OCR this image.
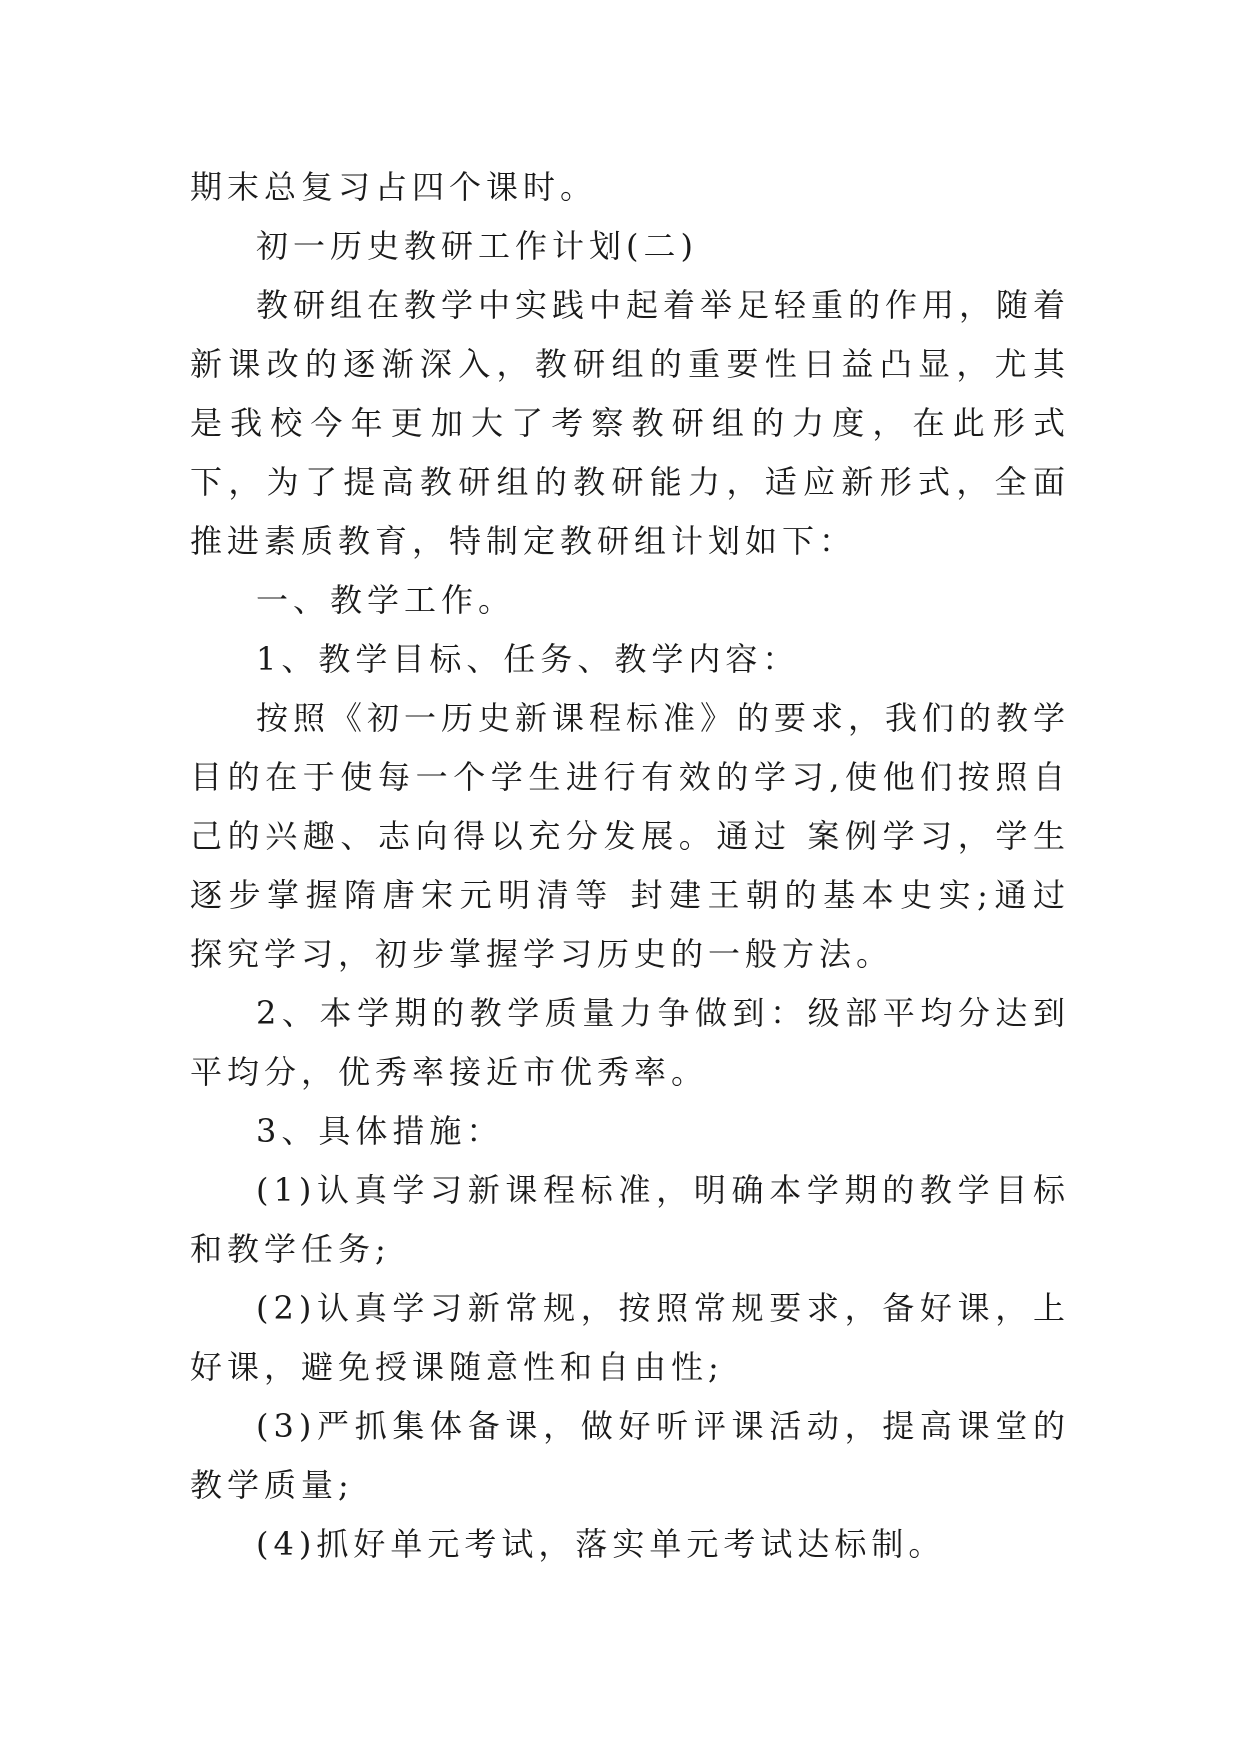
期末总复习占四个课时。

初一历史教研工作计划(二)

教研组在教学中实践中起着举足轻重的作用，随着新课改的逐渐深入，教研组的重要性日益凸显，尤其是我校今年更加大了考察教研组的力度，在此形式下，为了提高教研组的教研能力，适应新形式，全面推进素质教育，特制定教研组计划如下：

一、教学工作。

1、教学目标、任务、教学内容：

按照《初一历史新课程标准》的要求，我们的教学目的在于使每一个学生进行有效的学习,使他们按照自己的兴趣、志向得以充分发展。通过 案例学习，学生逐步掌握隋唐宋元明清等 封建王朝的基本史实;通过探究学习，初步掌握学习历史的一般方法。

2、本学期的教学质量力争做到：级部平均分达到平均分，优秀率接近市优秀率。

3、具体措施：

(1)认真学习新课程标准，明确本学期的教学目标和教学任务;

(2)认真学习新常规，按照常规要求，备好课，上好课，避免授课随意性和自由性;

(3)严抓集体备课，做好听评课活动，提高课堂的教学质量;

(4)抓好单元考试，落实单元考试达标制。
